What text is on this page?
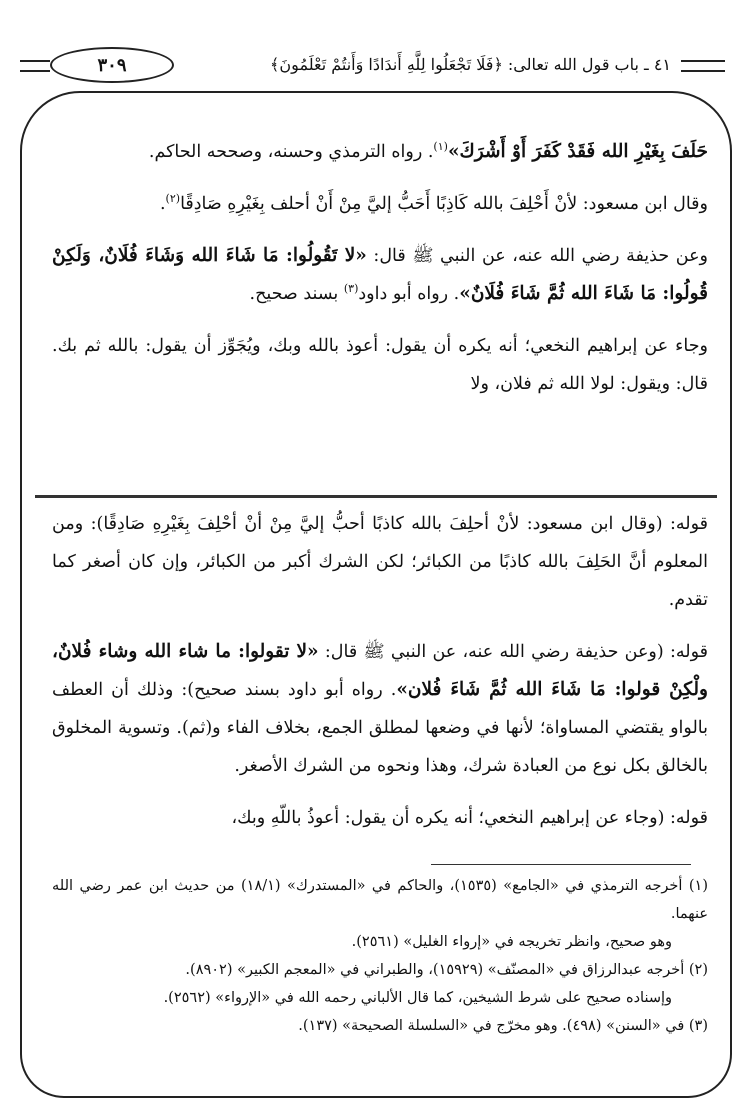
٣٠٩	٤١ ـ باب قول الله تعالى: ﴿فَلَا تَجْعَلُوا لِلَّهِ أَندَادًا وَأَنتُمْ تَعْلَمُونَ﴾

حَلَفَ بِغَيْرِ الله فَقَدْ كَفَرَ أَوْ أَشْرَكَ»$^{(١)}$. رواه الترمذي وحسنه، وصححه الحاكم.

وقال ابن مسعود: لأنْ أَحْلِفَ بالله كَاذِبًا أَحَبُّ إليَّ مِنْ أَنْ أحلف بِغَيْرِهِ صَادِقًا$^{(٢)}$.

وعن حذيفة رضي الله عنه، عن النبي ﷺ قال: «لا تَقُولُوا: مَا شَاءَ الله وَشَاءَ فُلَانٌ، وَلَكِنْ قُولُوا: مَا شَاءَ الله ثُمَّ شَاءَ فُلَانٌ». رواه أبو داود$^{(٣)}$ بسند صحيح.

وجاء عن إبراهيم النخعي؛ أنه يكره أن يقول: أعوذ بالله وبك، ويُجَوِّز أن يقول: بالله ثم بك. قال: ويقول: لولا الله ثم فلان، ولا

قوله: (وقال ابن مسعود: لأنْ أحلِفَ بالله كاذبًا أحبُّ إليَّ مِنْ أنْ أحْلِفَ بِغَيْرِهِ صَادِقًا): ومن المعلوم أنَّ الحَلِفَ بالله كاذبًا من الكبائر؛ لكن الشرك أكبر من الكبائر، وإن كان أصغر كما تقدم.

قوله: (وعن حذيفة رضي الله عنه، عن النبي ﷺ قال: «لا تقولوا: ما شاء الله وشاء فُلانٌ، ولْكِنْ قولوا: مَا شَاءَ الله ثُمَّ شَاءَ فُلان». رواه أبو داود بسند صحيح): وذلك أن العطف بالواو يقتضي المساواة؛ لأنها في وضعها لمطلق الجمع، بخلاف الفاء و(ثم). وتسوية المخلوق بالخالق بكل نوع من العبادة شرك، وهذا ونحوه من الشرك الأصغر.

قوله: (وجاء عن إبراهيم النخعي؛ أنه يكره أن يقول: أعوذُ باللّهِ وبك،

(١) أخرجه الترمذي في «الجامع» (١٥٣٥)، والحاكم في «المستدرك» (١٨/١) من حديث ابن عمر رضي الله عنهما.

وهو صحيح، وانظر تخريجه في «إرواء الغليل» (٢٥٦١).

(٢) أخرجه عبدالرزاق في «المصنّف» (١٥٩٢٩)، والطبراني في «المعجم الكبير» (٨٩٠٢).

وإسناده صحيح على شرط الشيخين، كما قال الألباني رحمه الله في «الإرواء» (٢٥٦٢).

(٣) في «السنن» (٤٩٨). وهو مخرّج في «السلسلة الصحيحة» (١٣٧).
